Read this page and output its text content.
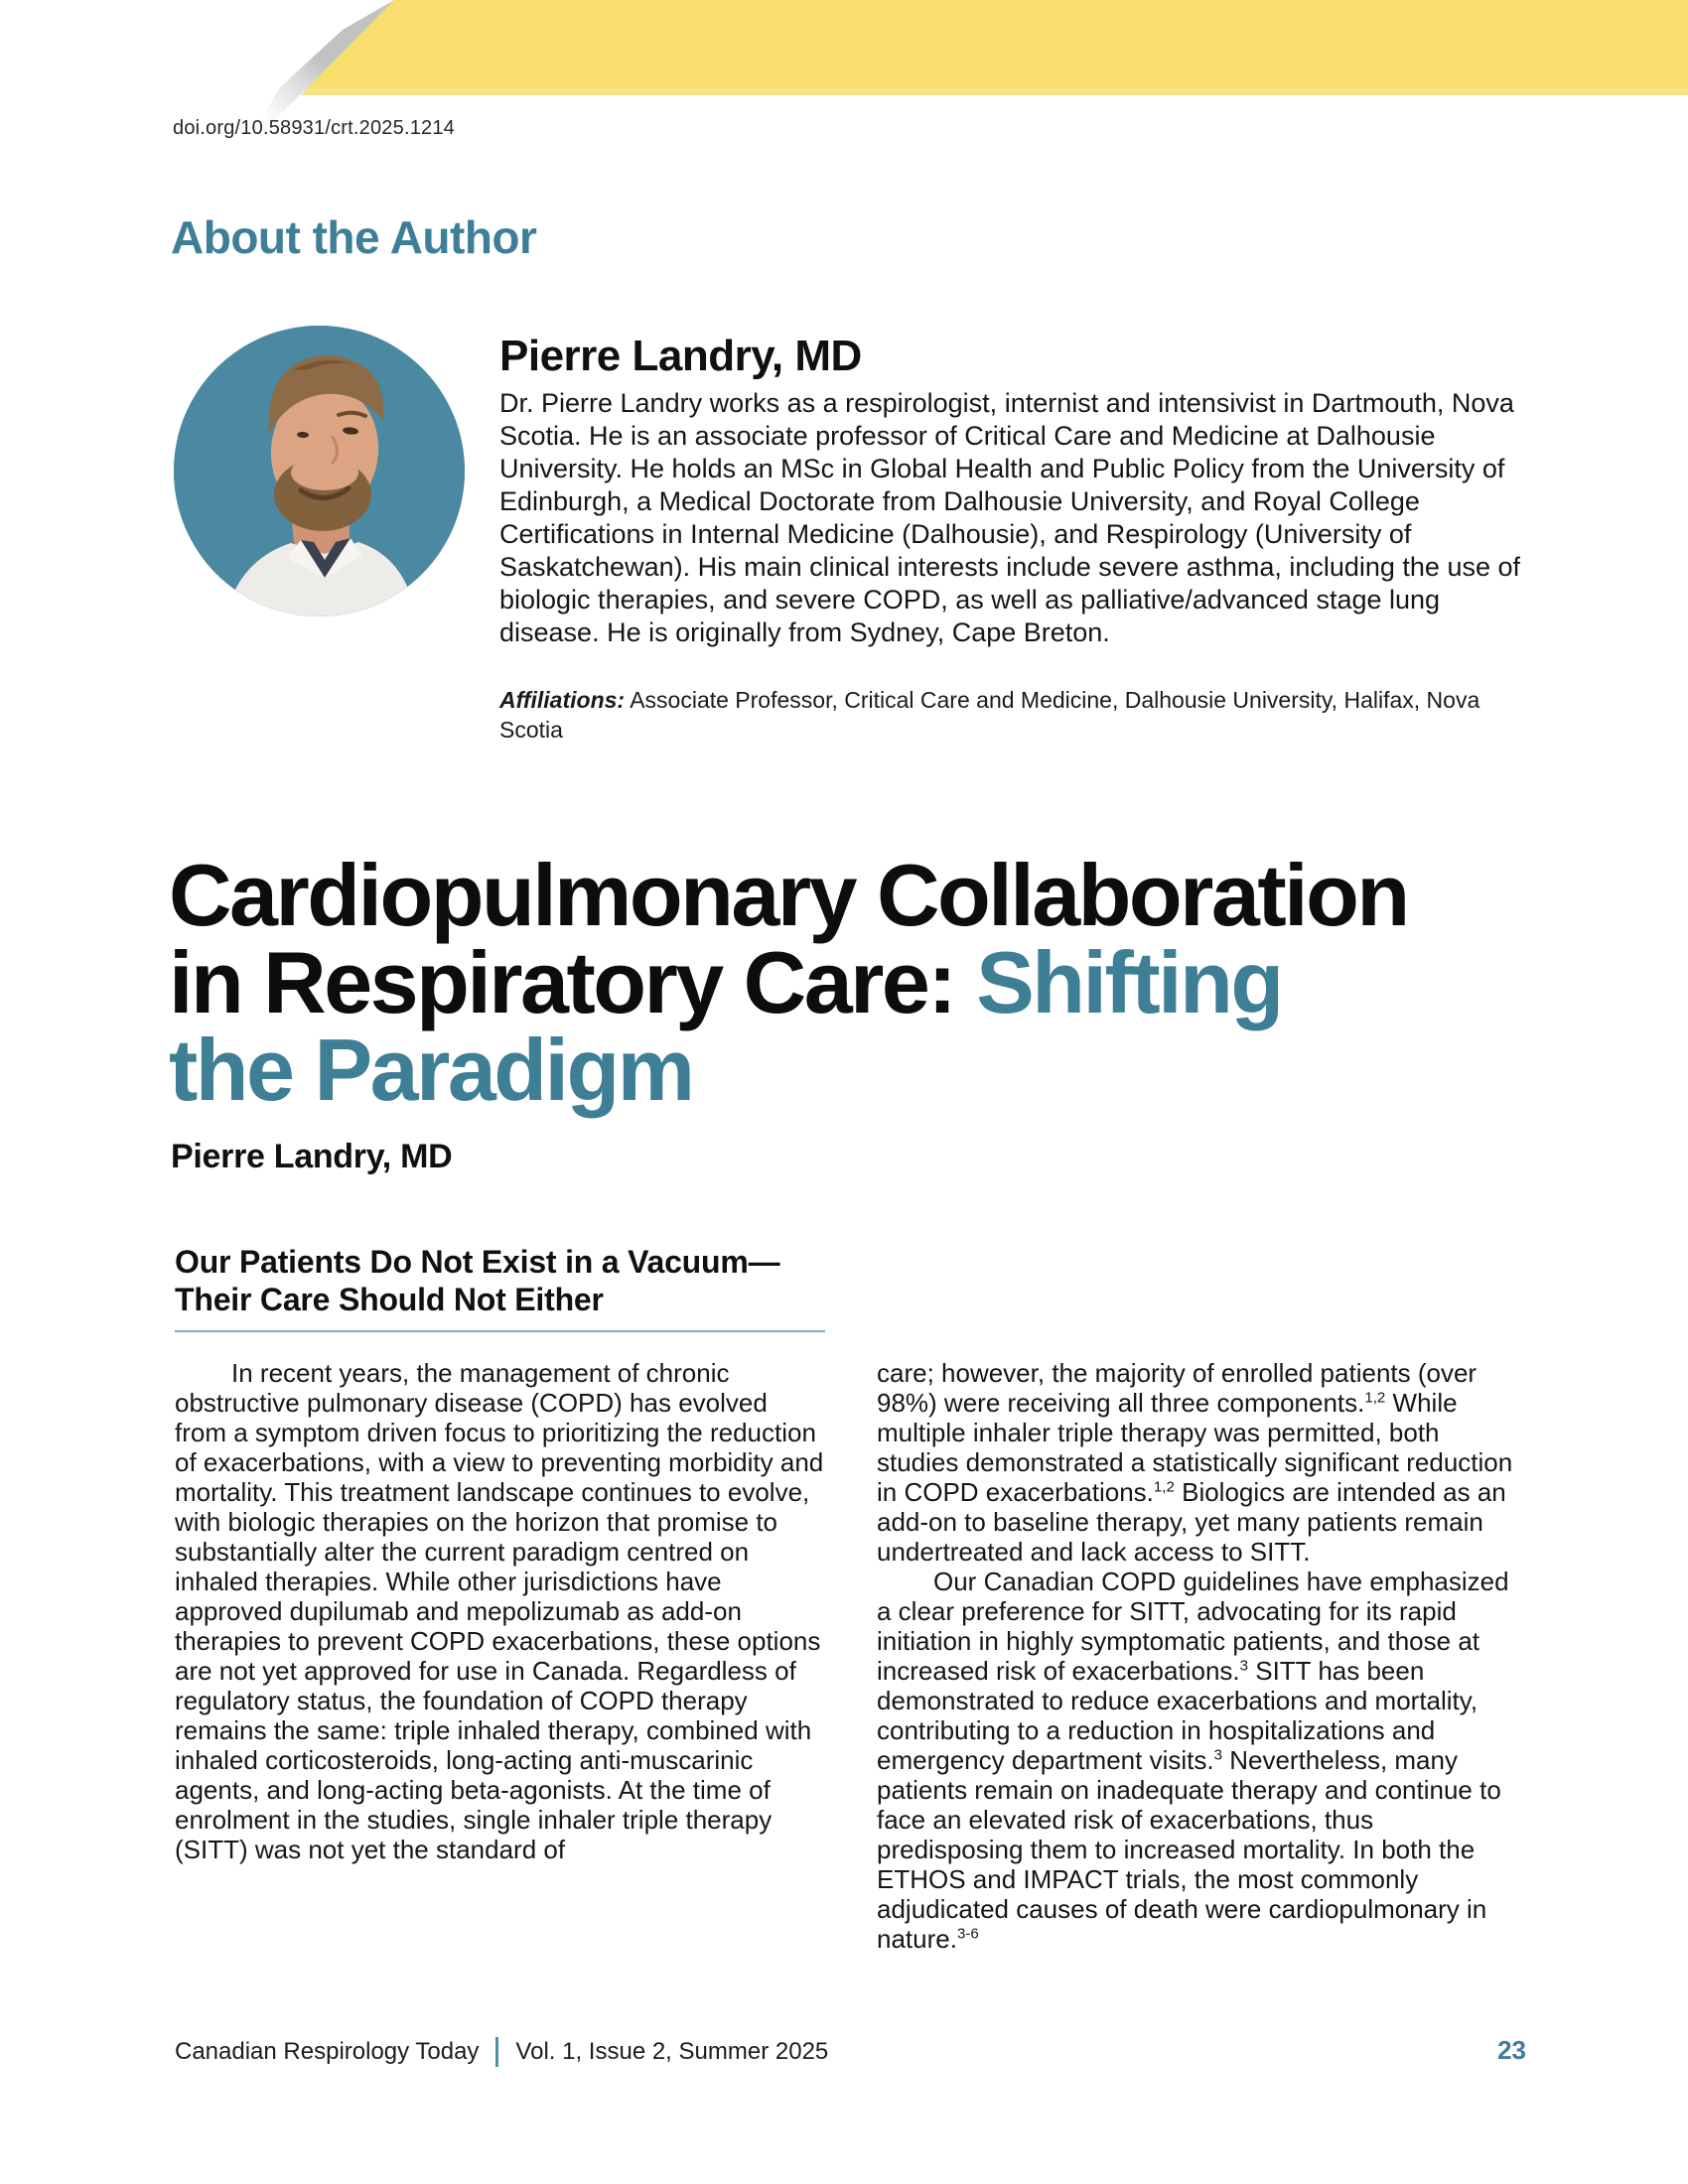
doi.org/10.58931/crt.2025.1214
About the Author
Pierre Landry, MD
Dr. Pierre Landry works as a respirologist, internist and intensivist in Dartmouth, Nova Scotia. He is an associate professor of Critical Care and Medicine at Dalhousie University. He holds an MSc in Global Health and Public Policy from the University of Edinburgh, a Medical Doctorate from Dalhousie University, and Royal College Certifications in Internal Medicine (Dalhousie), and Respirology (University of Saskatchewan). His main clinical interests include severe asthma, including the use of biologic therapies, and severe COPD, as well as palliative/advanced stage lung disease. He is originally from Sydney, Cape Breton.
Affiliations: Associate Professor, Critical Care and Medicine, Dalhousie University, Halifax, Nova Scotia
Cardiopulmonary Collaboration
in Respiratory Care: Shifting
the Paradigm
Pierre Landry, MD
Our Patients Do Not Exist in a Vacuum—Their Care Should Not Either

In recent years, the management of chronic obstructive pulmonary disease (COPD) has evolved from a symptom driven focus to prioritizing the reduction of exacerbations, with a view to preventing morbidity and mortality. This treatment landscape continues to evolve, with biologic therapies on the horizon that promise to substantially alter the current paradigm centred on inhaled therapies. While other jurisdictions have approved dupilumab and mepolizumab as add-on therapies to prevent COPD exacerbations, these options are not yet approved for use in Canada. Regardless of regulatory status, the foundation of COPD therapy remains the same: triple inhaled therapy, combined with inhaled corticosteroids, long-acting anti-muscarinic agents, and long-acting beta-agonists. At the time of enrolment in the studies, single inhaler triple therapy (SITT) was not yet the standard of

care; however, the majority of enrolled patients (over 98%) were receiving all three components.$^{1,2}$ While multiple inhaler triple therapy was permitted, both studies demonstrated a statistically significant reduction in COPD exacerbations.$^{1,2}$ Biologics are intended as an add-on to baseline therapy, yet many patients remain undertreated and lack access to SITT.

Our Canadian COPD guidelines have emphasized a clear preference for SITT, advocating for its rapid initiation in highly symptomatic patients, and those at increased risk of exacerbations.$^3$ SITT has been demonstrated to reduce exacerbations and mortality, contributing to a reduction in hospitalizations and emergency department visits.$^3$ Nevertheless, many patients remain on inadequate therapy and continue to face an elevated risk of exacerbations, thus predisposing them to increased mortality. In both the ETHOS and IMPACT trials, the most commonly adjudicated causes of death were cardiopulmonary in nature.$^{3-6}$

Canadian Respirology Today Vol. 1, Issue 2, Summer 2025	23
